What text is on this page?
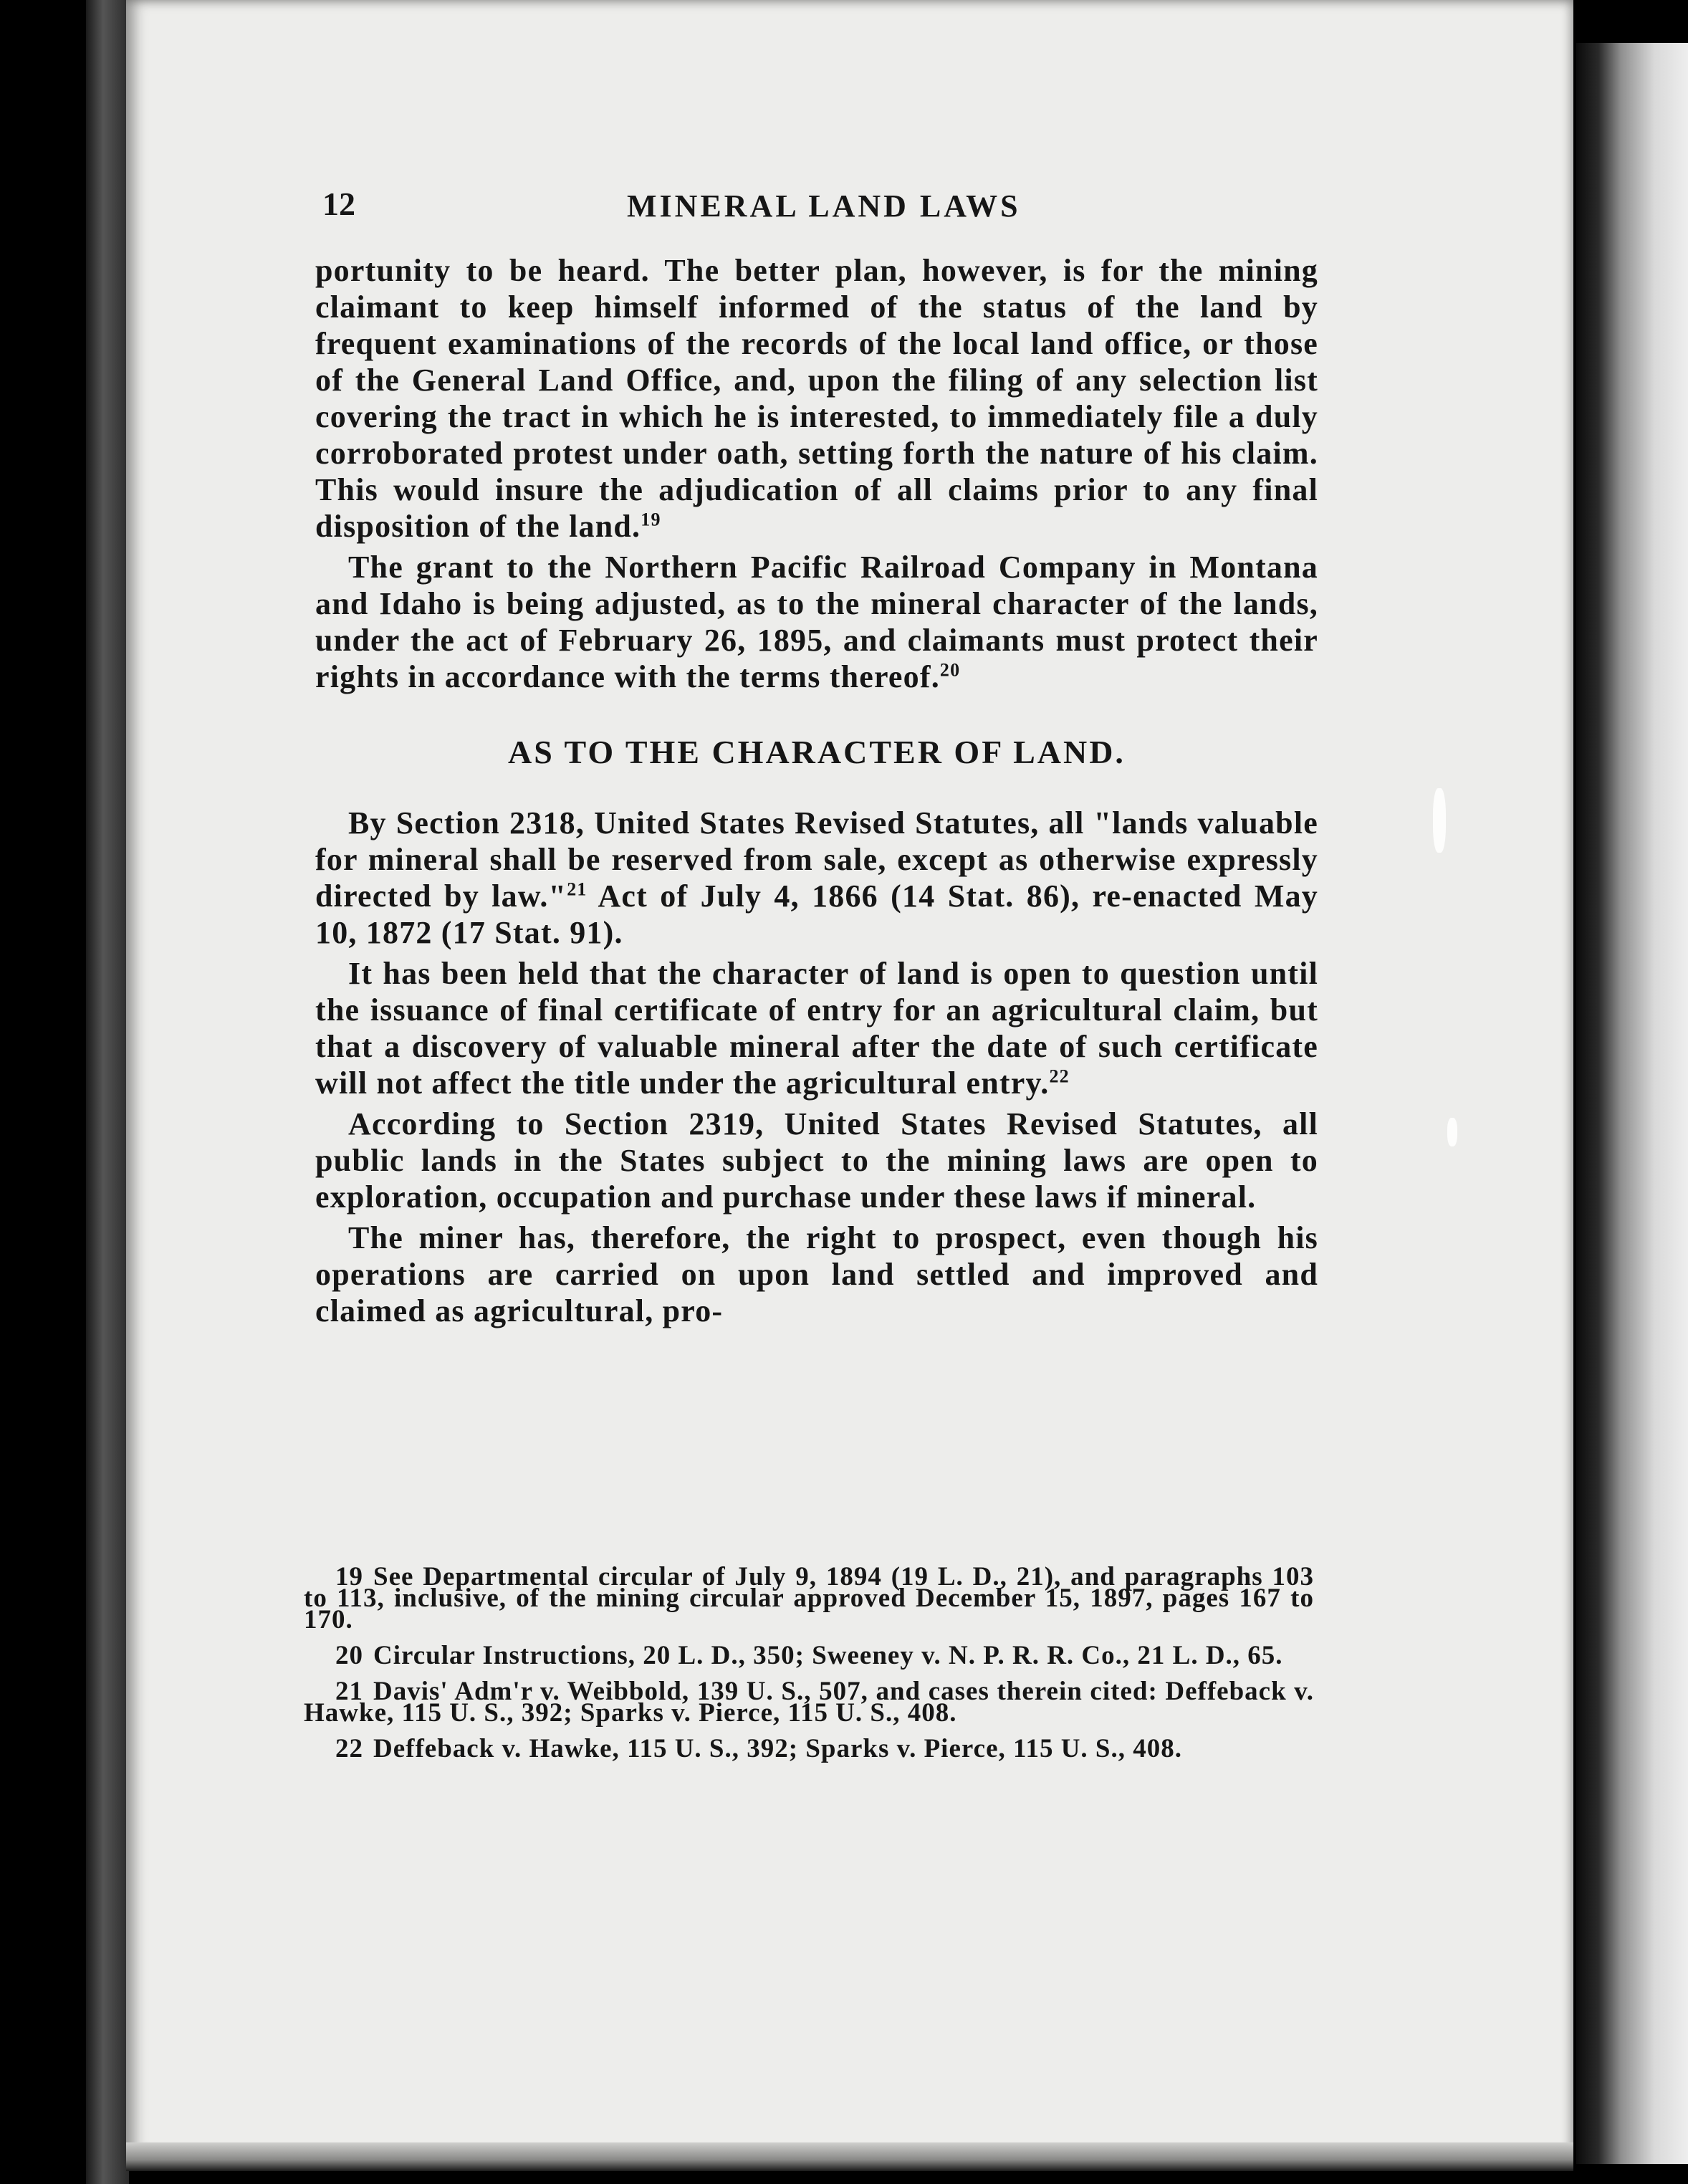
12	MINERAL LAND LAWS

portunity to be heard. The better plan, however, is for the mining claimant to keep himself informed of the status of the land by frequent examinations of the records of the local land office, or those of the General Land Office, and, upon the filing of any selection list covering the tract in which he is interested, to immediately file a duly corroborated protest under oath, setting forth the nature of his claim. This would insure the adjudication of all claims prior to any final disposition of the land.$^{19}$

The grant to the Northern Pacific Railroad Company in Montana and Idaho is being adjusted, as to the mineral character of the lands, under the act of February 26, 1895, and claimants must protect their rights in accordance with the terms thereof.$^{20}$

AS TO THE CHARACTER OF LAND.

By Section 2318, United States Revised Statutes, all "lands valuable for mineral shall be reserved from sale, except as otherwise expressly directed by law."$^{21}$ Act of July 4, 1866 (14 Stat. 86), re-enacted May 10, 1872 (17 Stat. 91).

It has been held that the character of land is open to question until the issuance of final certificate of entry for an agricultural claim, but that a discovery of valuable mineral after the date of such certificate will not affect the title under the agricultural entry.$^{22}$

According to Section 2319, United States Revised Statutes, all public lands in the States subject to the mining laws are open to exploration, occupation and purchase under these laws if mineral.

The miner has, therefore, the right to prospect, even though his operations are carried on upon land settled and improved and claimed as agricultural, pro-

19 See Departmental circular of July 9, 1894 (19 L. D., 21), and paragraphs 103 to 113, inclusive, of the mining circular approved December 15, 1897, pages 167 to 170.

20 Circular Instructions, 20 L. D., 350; Sweeney v. N. P. R. R. Co., 21 L. D., 65.

21 Davis' Adm'r v. Weibbold, 139 U. S., 507, and cases therein cited: Deffeback v. Hawke, 115 U. S., 392; Sparks v. Pierce, 115 U. S., 408.

22 Deffeback v. Hawke, 115 U. S., 392; Sparks v. Pierce, 115 U. S., 408.
